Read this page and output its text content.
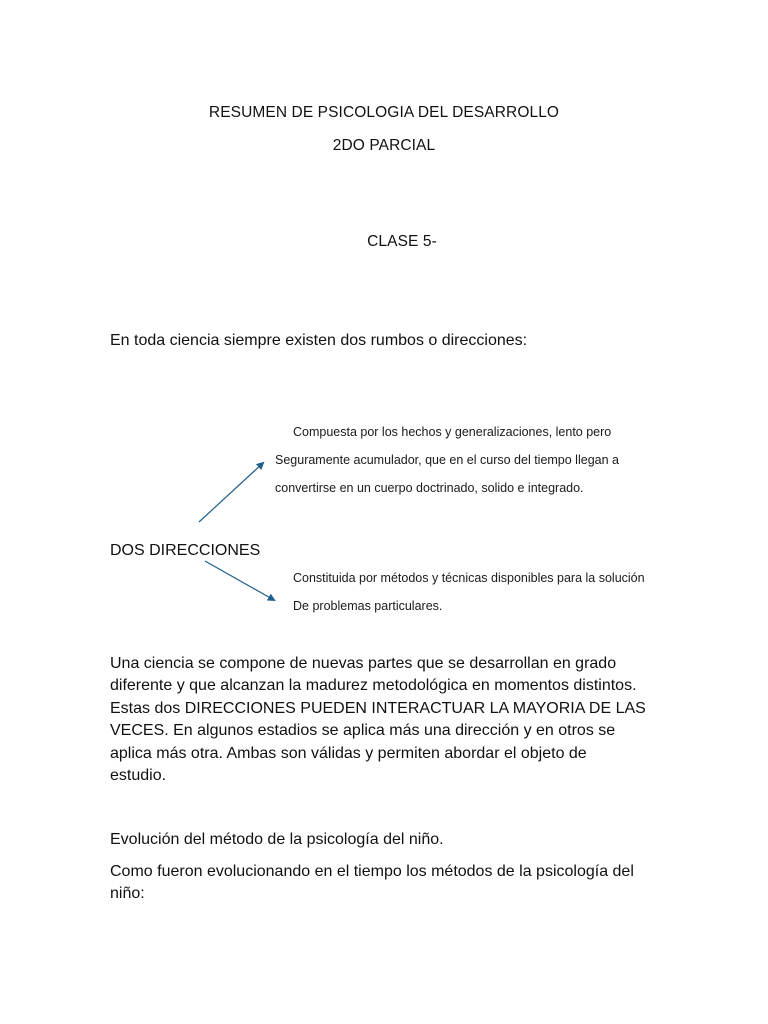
RESUMEN DE PSICOLOGIA DEL DESARROLLO
2DO PARCIAL
CLASE 5-
En toda ciencia siempre existen dos rumbos o direcciones:
Compuesta por los hechos y generalizaciones, lento pero
Seguramente acumulador, que en el curso del tiempo llegan a
convertirse en un cuerpo doctrinado, solido e integrado.
DOS DIRECCIONES
Constituida por métodos y técnicas disponibles para la solución
De problemas particulares.
Una ciencia se compone de nuevas partes que se desarrollan en grado
diferente y que alcanzan la madurez metodológica en momentos distintos.
Estas dos DIRECCIONES PUEDEN INTERACTUAR LA MAYORIA DE LAS
VECES. En algunos estadios se aplica más una dirección y en otros se
aplica más otra. Ambas son válidas y permiten abordar el objeto de
estudio.
Evolución del método de la psicología del niño.
Como fueron evolucionando en el tiempo los métodos de la psicología del
niño:
